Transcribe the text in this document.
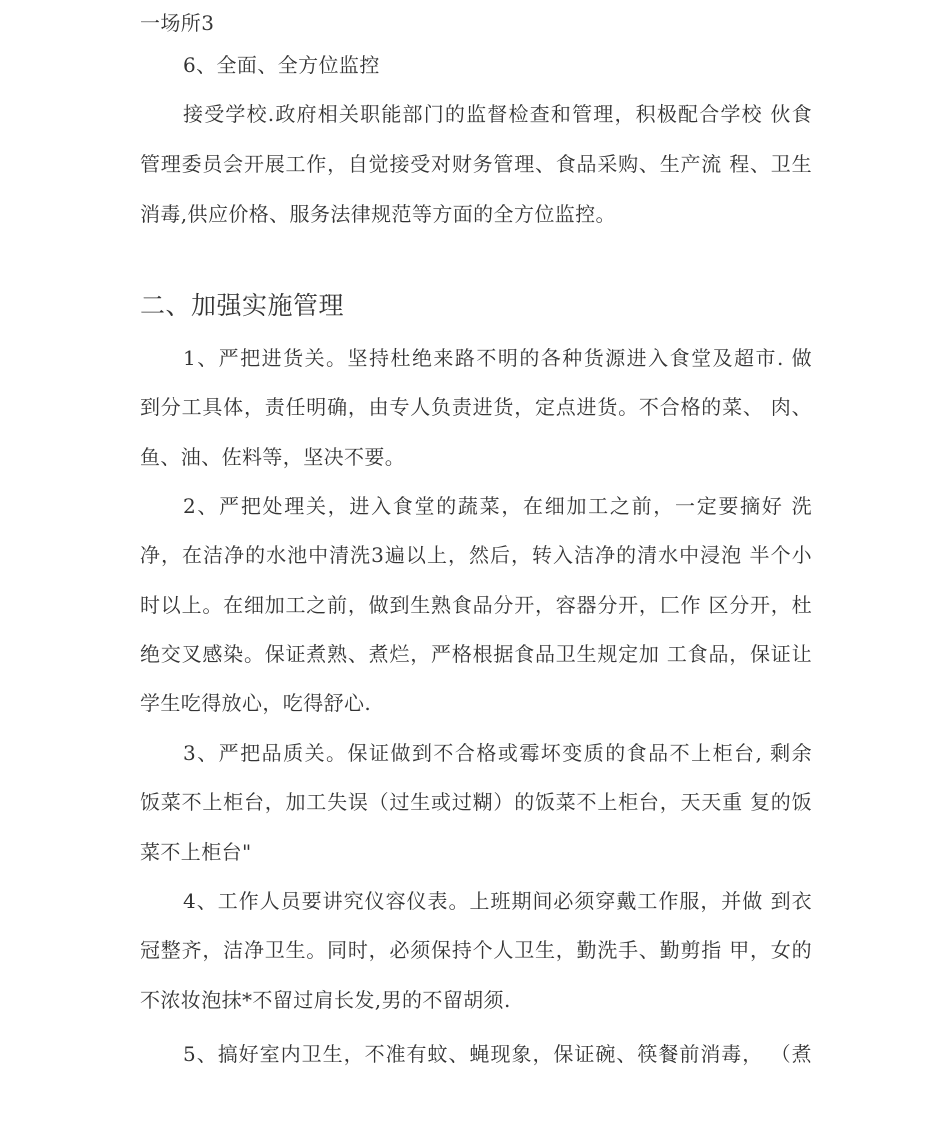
一场所3
6、全面、全方位监控
接受学校.政府相关职能部门的监督检查和管理，积极配合学校 伙食
管理委员会开展工作，自觉接受对财务管理、食品采购、生产流 程、卫生
消毒,供应价格、服务法律规范等方面的全方位监控。
二、加强实施管理
1、严把进货关。坚持杜绝来路不明的各种货源进入食堂及超市. 做
到分工具体，责任明确，由专人负责进货，定点进货。不合格的菜、 肉、
鱼、油、佐料等，坚决不要。
2、严把处理关，进入食堂的蔬菜，在细加工之前，一定要摘好 洗
净，在洁净的水池中清洗3遍以上，然后，转入洁净的清水中浸泡 半个小
时以上。在细加工之前，做到生熟食品分开，容器分开，匚作 区分开，杜
绝交叉感染。保证煮熟、煮烂，严格根据食品卫生规定加 工食品，保证让
学生吃得放心，吃得舒心.
3、严把品质关。保证做到不合格或霉坏变质的食品不上柜台, 剩余
饭菜不上柜台，加工失误（过生或过糊）的饭菜不上柜台，天天重 复的饭
菜不上柜台"
4、工作人员要讲究仪容仪表。上班期间必须穿戴工作服，并做 到衣
冠整齐，洁净卫生。同时，必须保持个人卫生，勤洗手、勤剪指 甲，女的
不浓妆泡抹*不留过肩长发,男的不留胡须.
5、搞好室内卫生，不准有蚊、蝇现象，保证碗、筷餐前消毒， （煮
